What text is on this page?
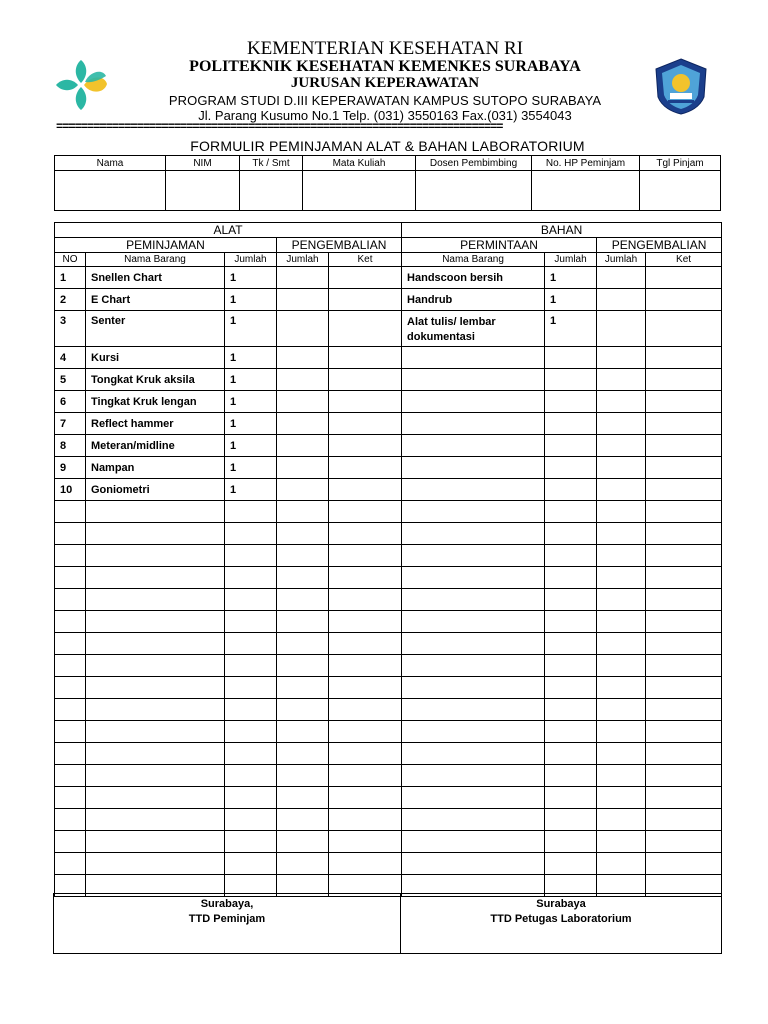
KEMENTERIAN KESEHATAN RI
POLITEKNIK KESEHATAN KEMENKES SURABAYA
JURUSAN KEPERAWATAN
PROGRAM STUDI D.III KEPERAWATAN KAMPUS SUTOPO SURABAYA
Jl. Parang Kusumo No.1 Telp. (031) 3550163 Fax.(031) 3554043
========================================================================
FORMULIR PEMINJAMAN ALAT & BAHAN LABORATORIUM
Nama	NIM	Tk / Smt	Mata Kuliah	Dosen Pembimbing	No. HP Peminjam	Tgl Pinjam

ALAT					BAHAN			
PEMINJAMAN			PENGEMBALIAN		PERMINTAAN		PENGEMBALIAN	
NO	Nama Barang	Jumlah	Jumlah	Ket	Nama Barang	Jumlah	Jumlah	Ket
1	Snellen Chart	1			Handscoon bersih	1		
2	E Chart	1			Handrub	1		
3	Senter	1			Alat tulis/ lembar dokumentasi	1		
4	Kursi	1						
5	Tongkat Kruk aksila	1						
6	Tingkat Kruk lengan	1						
7	Reflect hammer	1						
8	Meteran/midline	1						
9	Nampan	1						
10	Goniometri	1						

Surabaya,
TTD Peminjam

Surabaya
TTD Petugas Laboratorium
